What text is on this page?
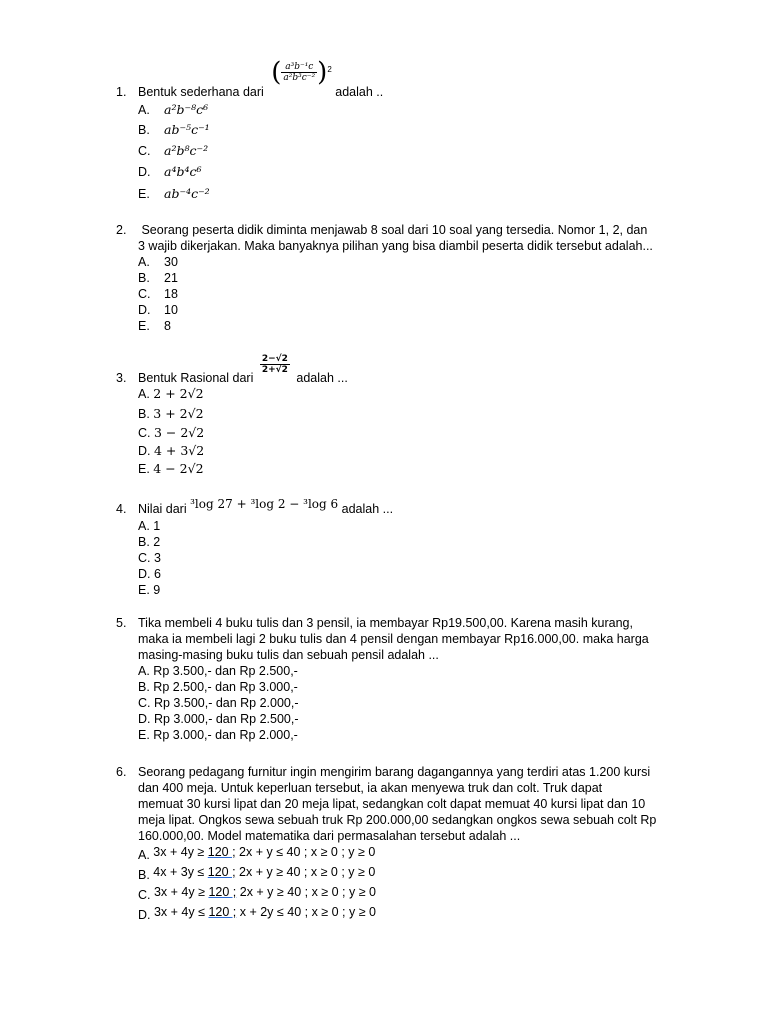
1. Bentuk sederhana dari ( $\frac{\text{a³b⁻¹c}}{\text{a²b³c⁻²}} )^2$ adalah ..
A. a²b⁻⁸c⁶
B. ab⁻⁵c⁻¹
C. a²b⁸c⁻²
D. a⁴b⁴c⁶
E. ab⁻⁴c⁻²
2. Seorang peserta didik diminta menjawab 8 soal dari 10 soal yang tersedia. Nomor 1, 2, dan
3 wajib dikerjakan. Maka banyaknya pilihan yang bisa diambil peserta didik tersebut adalah...
A. 30
B. 21
C. 18
D. 10
E. 8
3. Bentuk Rasional dari
$\frac{2-√2}{2+√2}$
adalah ...
A. 2 + 2√2
B. 3 + 2√2
C. 3 − 2√2
D. 4 + 3√2
E. 4 − 2√2
4. Nilai dari ³log 27 + ³log 2 − ³log 6 adalah ...
A. 1
B. 2
C. 3
D. 6
E. 9
5. Tika membeli 4 buku tulis dan 3 pensil, ia membayar Rp19.500,00. Karena masih kurang,
maka ia membeli lagi 2 buku tulis dan 4 pensil dengan membayar Rp16.000,00. maka harga
masing-masing buku tulis dan sebuah pensil adalah ...
A. Rp 3.500,- dan Rp 2.500,-
B. Rp 2.500,- dan Rp 3.000,-
C. Rp 3.500,- dan Rp 2.000,-
D. Rp 3.000,- dan Rp 2.500,-
E. Rp 3.000,- dan Rp 2.000,-
6. Seorang pedagang furnitur ingin mengirim barang dagangannya yang terdiri atas 1.200 kursi
dan 400 meja. Untuk keperluan tersebut, ia akan menyewa truk dan colt. Truk dapat
memuat 30 kursi lipat dan 20 meja lipat, sedangkan colt dapat memuat 40 kursi lipat dan 10
meja lipat. Ongkos sewa sebuah truk Rp 200.000,00 sedangkan ongkos sewa sebuah colt Rp
160.000,00. Model matematika dari permasalahan tersebut adalah ...
A. 3x + 4y ≥ 120 ; 2x + y ≤ 40 ; x ≥ 0 ; y ≥ 0
B. 4x + 3y ≤ 120 ; 2x + y ≥ 40 ; x ≥ 0 ; y ≥ 0
C. 3x + 4y ≥ 120 ; 2x + y ≥ 40 ; x ≥ 0 ; y ≥ 0
D. 3x + 4y ≤ 120 ; x + 2y ≤ 40 ; x ≥ 0 ; y ≥ 0
